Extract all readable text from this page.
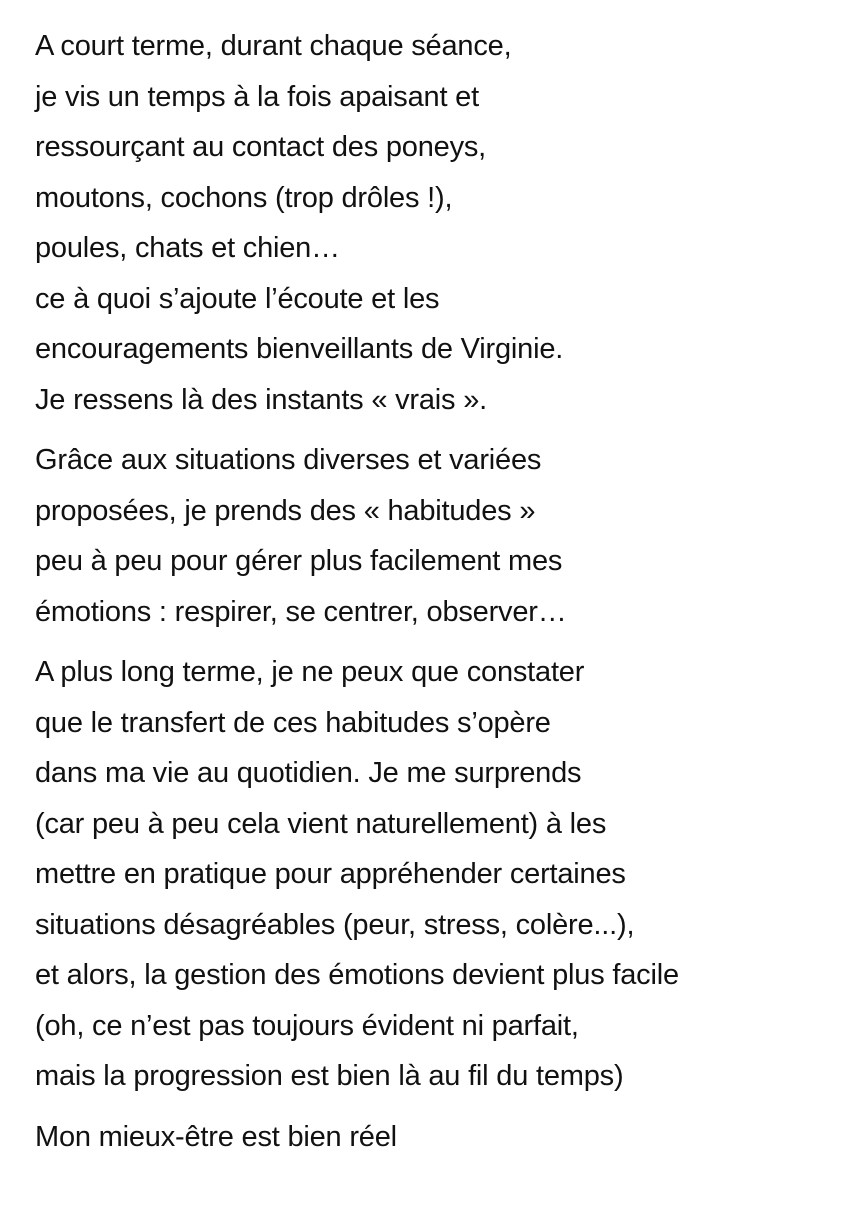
A court terme, durant chaque séance,
je vis un temps à la fois apaisant et
ressourçant au contact des poneys,
moutons, cochons (trop drôles !),
poules, chats et chien…
ce à quoi s’ajoute l’écoute et les
encouragements bienveillants de Virginie.
Je ressens là des instants « vrais ».
Grâce aux situations diverses et variées
proposées, je prends des « habitudes »
peu à peu pour gérer plus facilement mes
émotions : respirer, se centrer, observer…
A plus long terme, je ne peux que constater
que le transfert de ces habitudes s’opère
dans ma vie au quotidien. Je me surprends
(car peu à peu cela vient naturellement) à les
mettre en pratique pour appréhender certaines
situations désagréables (peur, stress, colère...),
et alors, la gestion des émotions devient plus facile
(oh, ce n’est pas toujours évident ni parfait,
mais la progression est bien là au fil du temps)
Mon mieux-être est bien réel
